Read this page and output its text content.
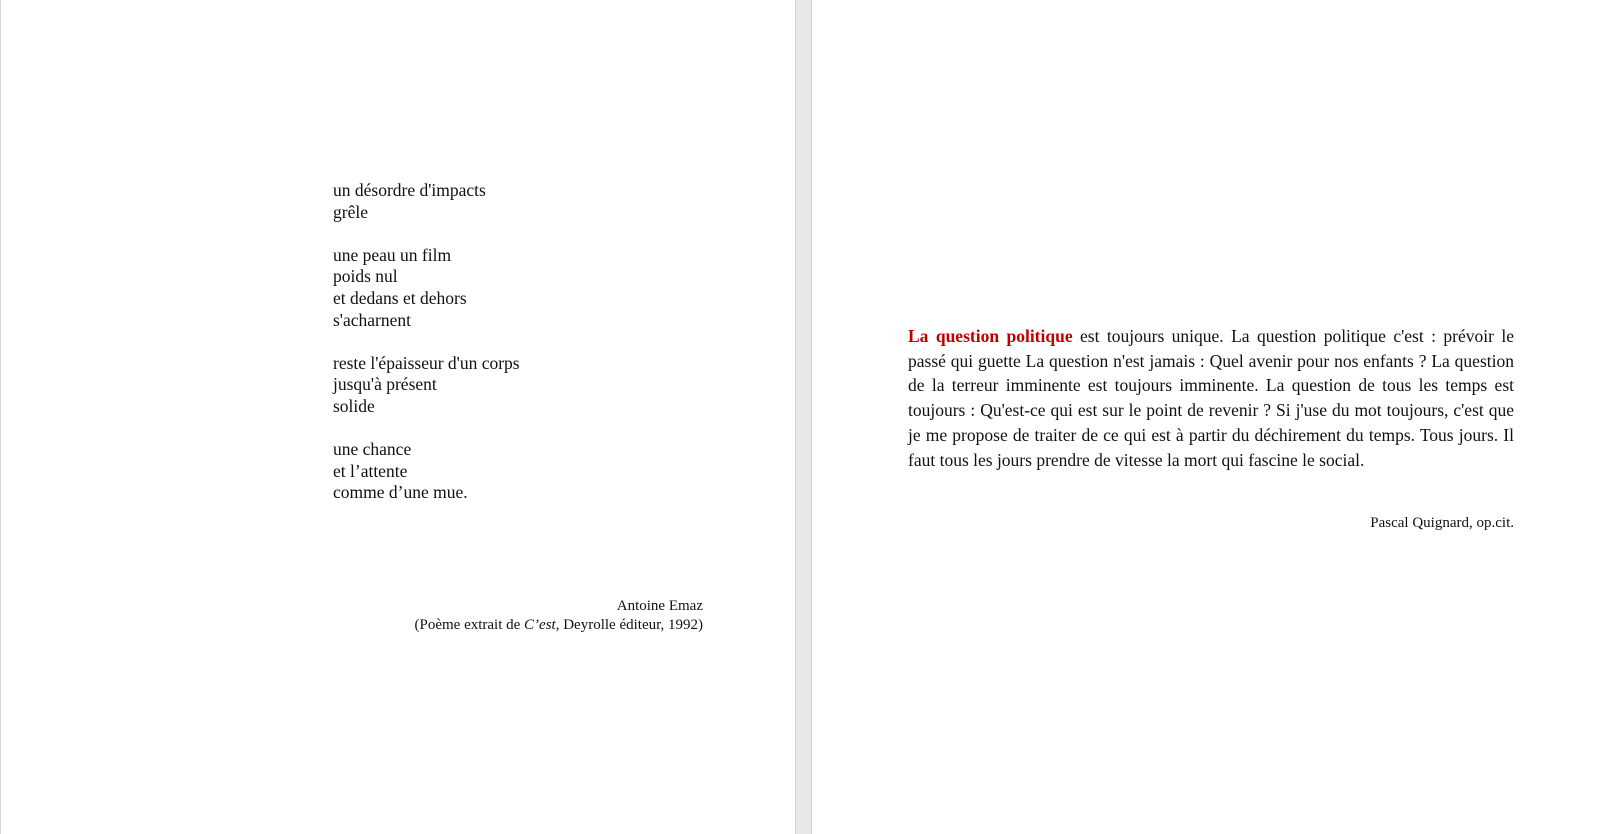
un désordre d'impacts
grêle
une peau un film
poids nul
et dedans et dehors
s'acharnent
reste l'épaisseur d'un corps
jusqu'à présent
solide
une chance
et l’attente
comme d’une mue.
Antoine Emaz
(Poème extrait de C’est, Deyrolle éditeur, 1992)
La question politique est toujours unique. La question politique c'est : prévoir le passé qui guette La question n'est jamais : Quel avenir pour nos enfants ? La question de la terreur imminente est toujours imminente. La question de tous les temps est toujours : Qu'est-ce qui est sur le point de revenir ? Si j'use du mot toujours, c'est que je me propose de traiter de ce qui est à partir du déchirement du temps. Tous jours. Il faut tous les jours prendre de vitesse la mort qui fascine le social.
Pascal Quignard, op.cit.
